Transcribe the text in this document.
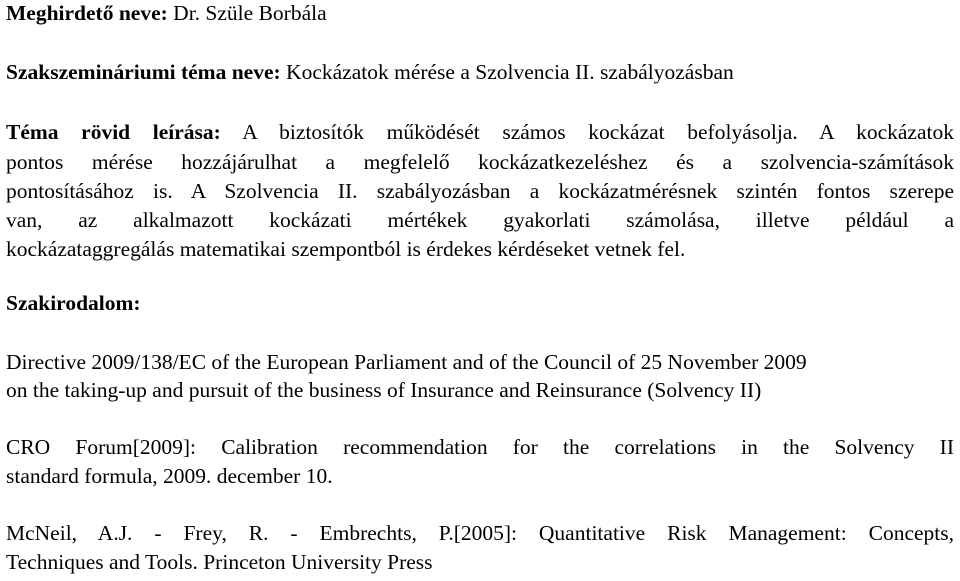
Meghirdető neve: Dr. Szüle Borbála
Szakszemináriumi téma neve: Kockázatok mérése a Szolvencia II. szabályozásban
Téma rövid leírása: A biztosítók működését számos kockázat befolyásolja. A kockázatok
pontos mérése hozzájárulhat a megfelelő kockázatkezeléshez és a szolvencia-számítások
pontosításához is. A Szolvencia II. szabályozásban a kockázatmérésnek szintén fontos szerepe
van, az alkalmazott kockázati mértékek gyakorlati számolása, illetve például a
kockázataggregálás matematikai szempontból is érdekes kérdéseket vetnek fel.
Szakirodalom:
Directive 2009/138/EC of the European Parliament and of the Council of 25 November 2009
on the taking-up and pursuit of the business of Insurance and Reinsurance (Solvency II)
CRO Forum[2009]: Calibration recommendation for the correlations in the Solvency II
standard formula, 2009. december 10.
McNeil, A.J. - Frey, R. - Embrechts, P.[2005]: Quantitative Risk Management: Concepts,
Techniques and Tools. Princeton University Press
